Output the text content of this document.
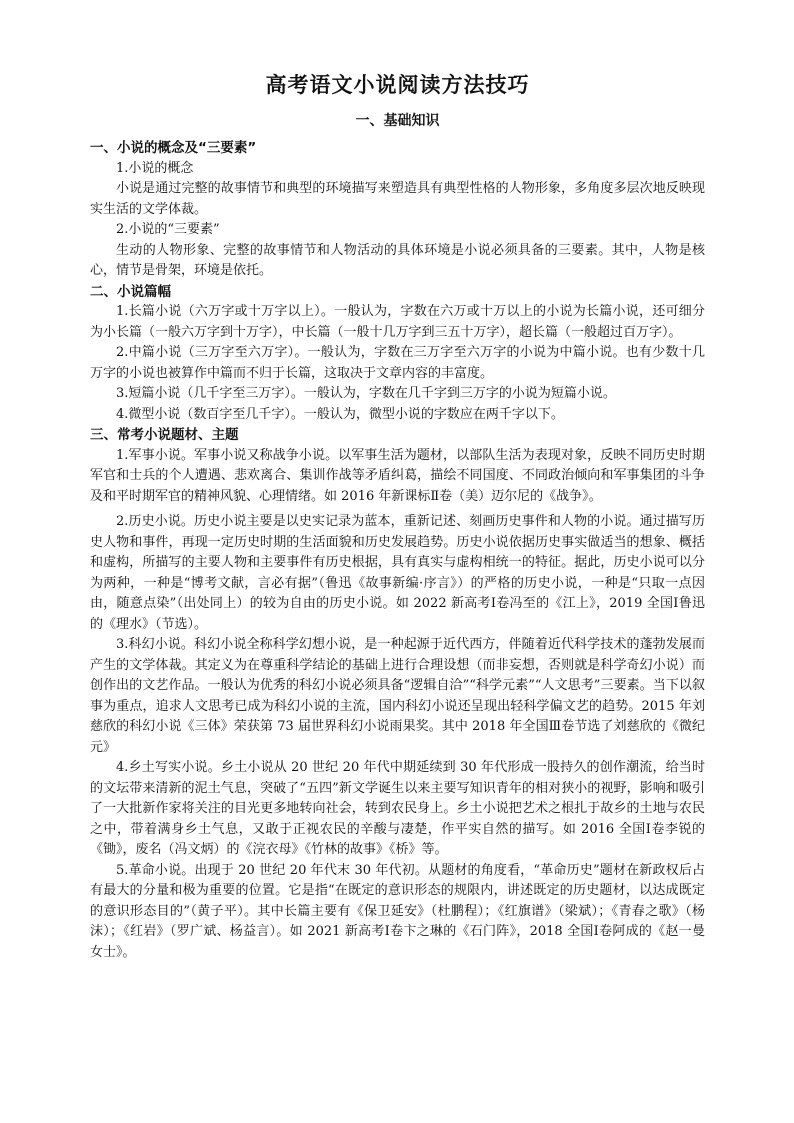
高考语文小说阅读方法技巧
一、基础知识
一、小说的概念及“三要素”
1.小说的概念
小说是通过完整的故事情节和典型的环境描写来塑造具有典型性格的人物形象，多角度多层次地反映现实生活的文学体裁。
2.小说的“三要素”
生动的人物形象、完整的故事情节和人物活动的具体环境是小说必须具备的三要素。其中，人物是核心，情节是骨架，环境是依托。
二、小说篇幅
1.长篇小说（六万字或十万字以上）。一般认为，字数在六万或十万以上的小说为长篇小说，还可细分为小长篇（一般六万字到十万字），中长篇（一般十几万字到三五十万字），超长篇（一般超过百万字）。
2.中篇小说（三万字至六万字）。一般认为，字数在三万字至六万字的小说为中篇小说。也有少数十几万字的小说也被算作中篇而不归于长篇，这取决于文章内容的丰富度。
3.短篇小说（几千字至三万字）。一般认为，字数在几千字到三万字的小说为短篇小说。
4.微型小说（数百字至几千字）。一般认为，微型小说的字数应在两千字以下。
三、常考小说题材、主题
1.军事小说。军事小说又称战争小说。以军事生活为题材，以部队生活为表现对象，反映不同历史时期军官和士兵的个人遭遇、悲欢离合、集训作战等矛盾纠葛，描绘不同国度、不同政治倾向和军事集团的斗争及和平时期军官的精神风貌、心理情绪。如 2016 年新课标Ⅱ卷（美）迈尔尼的《战争》。
2.历史小说。历史小说主要是以史实记录为蓝本，重新记述、刻画历史事件和人物的小说。通过描写历史人物和事件，再现一定历史时期的生活面貌和历史发展趋势。历史小说依据历史事实做适当的想象、概括和虚构，所描写的主要人物和主要事件有历史根据，具有真实与虚构相统一的特征。据此，历史小说可以分为两种，一种是“博考文献，言必有据”（鲁迅《故事新编·序言》）的严格的历史小说，一种是“只取一点因由，随意点染”（出处同上）的较为自由的历史小说。如 2022 新高考Ⅰ卷冯至的《江上》，2019 全国Ⅰ鲁迅的《理水》（节选）。
3.科幻小说。科幻小说全称科学幻想小说，是一种起源于近代西方，伴随着近代科学技术的蓬勃发展而产生的文学体裁。其定义为在尊重科学结论的基础上进行合理设想（而非妄想，否则就是科学奇幻小说）而创作出的文艺作品。一般认为优秀的科幻小说必须具备“逻辑自洽”“科学元素”“人文思考”三要素。当下以叙事为重点，追求人文思考已成为科幻小说的主流，国内科幻小说还呈现出轻科学偏文艺的趋势。2015 年刘慈欣的科幻小说《三体》荣获第 73 届世界科幻小说雨果奖。其中 2018 年全国Ⅲ卷节选了刘慈欣的《微纪元》
4.乡土写实小说。乡土小说从 20 世纪 20 年代中期延续到 30 年代形成一股持久的创作潮流，给当时的文坛带来清新的泥土气息，突破了“五四”新文学诞生以来主要写知识青年的相对狭小的视野，影响和吸引了一大批新作家将关注的目光更多地转向社会，转到农民身上。乡土小说把艺术之根扎于故乡的土地与农民之中，带着满身乡土气息，又敢于正视农民的辛酸与凄楚，作平实自然的描写。如 2016 全国Ⅰ卷李锐的《锄》，废名（冯文炳）的《浣衣母》《竹林的故事》《桥》等。
5.革命小说。出现于 20 世纪 20 年代末 30 年代初。从题材的角度看，“革命历史”题材在新政权后占有最大的分量和极为重要的位置。它是指“在既定的意识形态的规限内，讲述既定的历史题材，以达成既定的意识形态目的”（黄子平）。其中长篇主要有《保卫延安》（杜鹏程）；《红旗谱》（梁斌）；《青春之歌》（杨沫）；《红岩》（罗广斌、杨益言）。如 2021 新高考Ⅰ卷卞之琳的《石门阵》，2018 全国Ⅰ卷阿成的《赵一曼女士》。
